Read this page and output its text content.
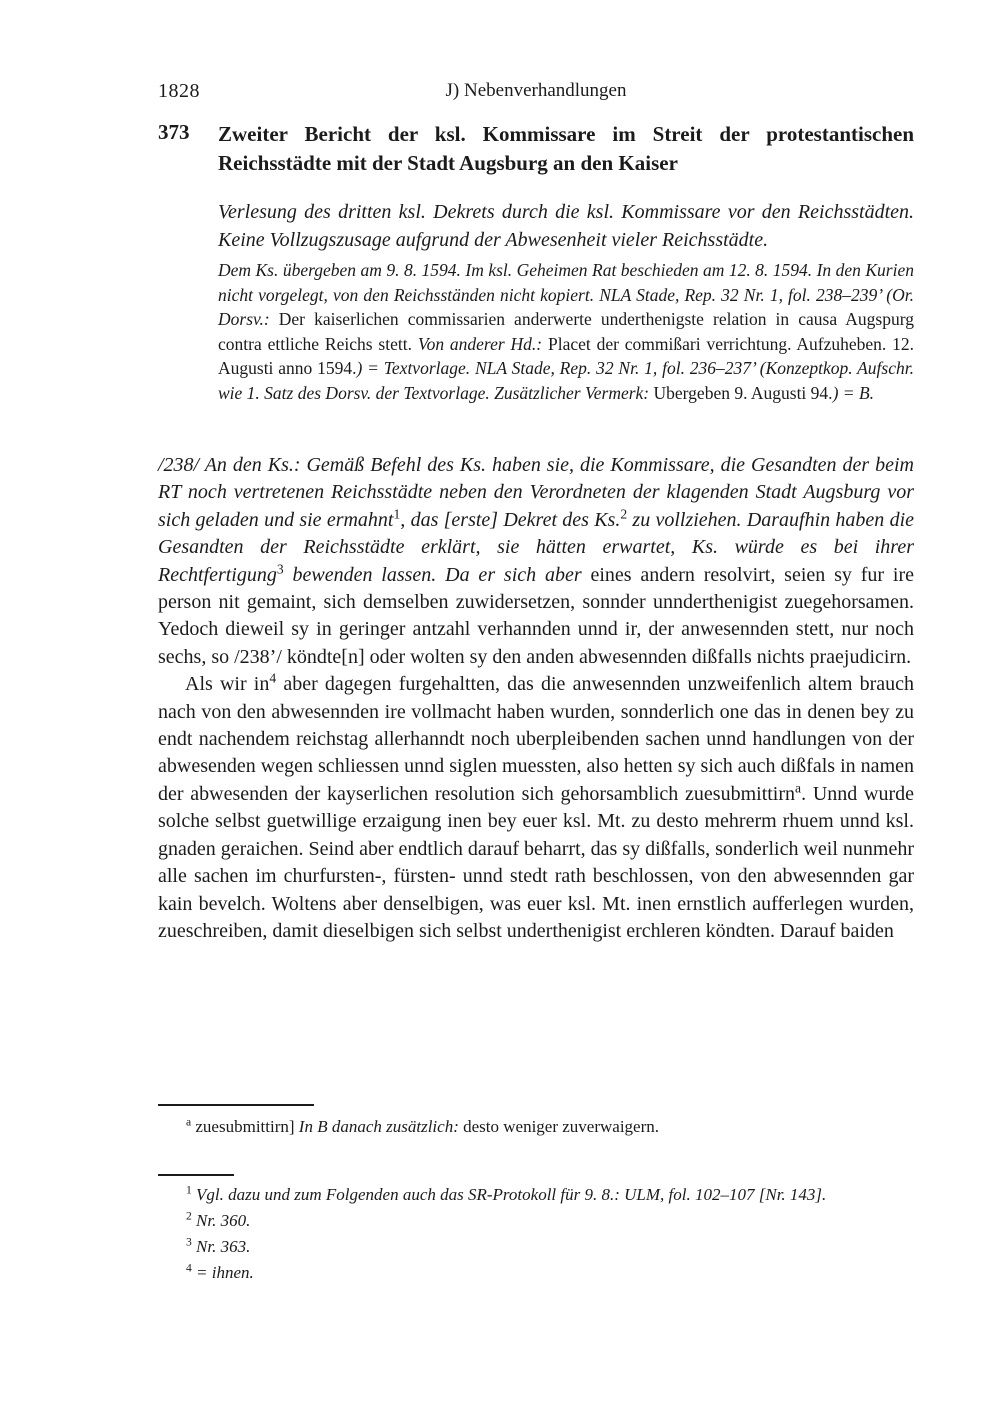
1828	J) Nebenverhandlungen
373 Zweiter Bericht der ksl. Kommissare im Streit der protestantischen Reichsstädte mit der Stadt Augsburg an den Kaiser

Verlesung des dritten ksl. Dekrets durch die ksl. Kommissare vor den Reichsstädten. Keine Vollzugszusage aufgrund der Abwesenheit vieler Reichsstädte.

Dem Ks. übergeben am 9. 8. 1594. Im ksl. Geheimen Rat beschieden am 12. 8. 1594. In den Kurien nicht vorgelegt, von den Reichsständen nicht kopiert. NLA Stade, Rep. 32 Nr. 1, fol. 238–239’ (Or. Dorsv.: Der kaiserlichen commissarien anderwerte underthenigste relation in causa Augspurg contra ettliche Reichs stett. Von anderer Hd.: Placet der commißari verrichtung. Aufzuheben. 12. Augusti anno 1594.) = Textvorlage. NLA Stade, Rep. 32 Nr. 1, fol. 236–237’ (Konzeptkop. Aufschr. wie 1. Satz des Dorsv. der Textvorlage. Zusätzlicher Vermerk: Ubergeben 9. Augusti 94.) = B.

/238/ An den Ks.: Gemäß Befehl des Ks. haben sie, die Kommissare, die Gesandten der beim RT noch vertretenen Reichsstädte neben den Verordneten der klagenden Stadt Augsburg vor sich geladen und sie ermahnt$^1$, das [erste] Dekret des Ks.$^2$ zu vollziehen. Daraufhin haben die Gesandten der Reichsstädte erklärt, sie hätten erwartet, Ks. würde es bei ihrer Rechtfertigung$^3$ bewenden lassen. Da er sich aber eines andern resolvirt, seien sy fur ire person nit gemaint, sich demselben zuwidersetzen, sonnder unnderthenigist zuegehorsamen. Yedoch dieweil sy in geringer antzahl verhannden unnd ir, der anwesennden stett, nur noch sechs, so /238’/ köndte[n] oder wolten sy den anden abwesennden dißfalls nichts praejudicirn.

Als wir $in^4$ aber dagegen furgehaltten, das die anwesennden unzweifenlich altem brauch nach von den abwesennden ire vollmacht haben wurden, sonnderlich one das in denen bey zu endt nachendem reichstag allerhanndt noch uberpleibenden sachen unnd handlungen von der abwesenden wegen schliessen unnd siglen muessten, also hetten sy sich auch dißfals in namen der abwesenden der kayserlichen resolution sich gehorsamblich zuesubmittirn$^a$. Unnd wurde solche selbst guetwillige erzaigung inen bey euer ksl. Mt. zu desto mehrerm rhuem unnd ksl. gnaden geraichen. Seind aber endtlich darauf beharrt, das sy dißfalls, sonderlich weil nunmehr alle sachen im churfursten-, fürsten- unnd stedt rath beschlossen, von den abwesennden gar kain bevelch. Woltens aber denselbigen, was euer ksl. Mt. inen ernstlich aufferlegen wurden, zueschreiben, damit dieselbigen sich selbst underthenigist erchleren köndten. Darauf baiden

$^a$ zuesubmittirn] In B danach zusätzlich: desto weniger zuverwaigern.

$^1$ Vgl. dazu und zum Folgenden auch das SR-Protokoll für 9. 8.: ULM, fol. 102–107 [Nr. 143].

$^2$ Nr. 360.

$^3$ Nr. 363.

$^4$ = ihnen.
